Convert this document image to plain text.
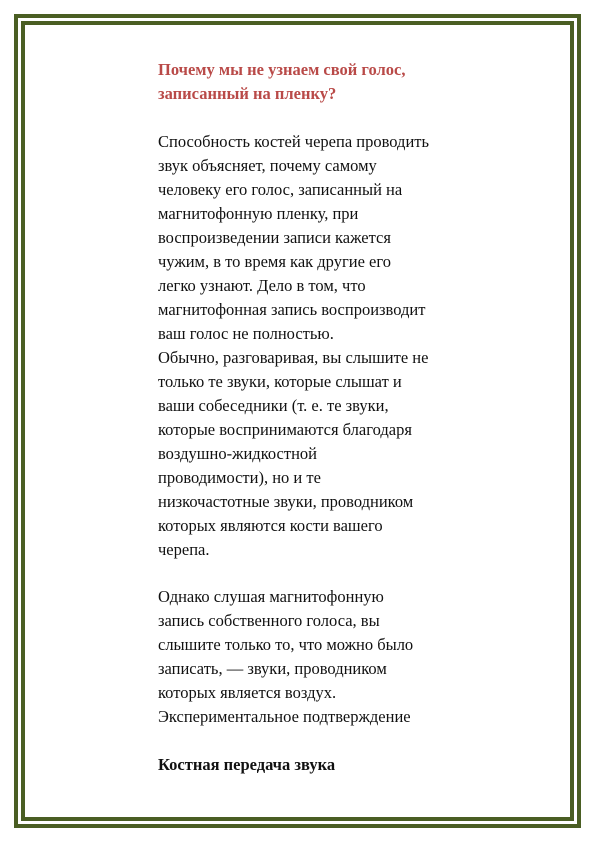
Почему мы не узнаем свой голос,
записанный на пленку?
Способность костей черепа проводить
звук объясняет, почему самому
человеку его голос, записанный на
магнитофонную пленку, при
воспроизведении записи кажется
чужим, в то время как другие его
легко узнают. Дело в том, что
магнитофонная запись воспроизводит
ваш голос не полностью.
Обычно, разговаривая, вы слышите не
только те звуки, которые слышат и
ваши собеседники (т. е. те звуки,
которые воспринимаются благодаря
воздушно-жидкостной
проводимости), но и те
низкочастотные звуки, проводником
которых являются кости вашего
черепа.
Однако слушая магнитофонную
запись собственного голоса, вы
слышите только то, что можно было
записать, — звуки, проводником
которых является воздух.
Экспериментальное подтверждение
Костная передача звука
